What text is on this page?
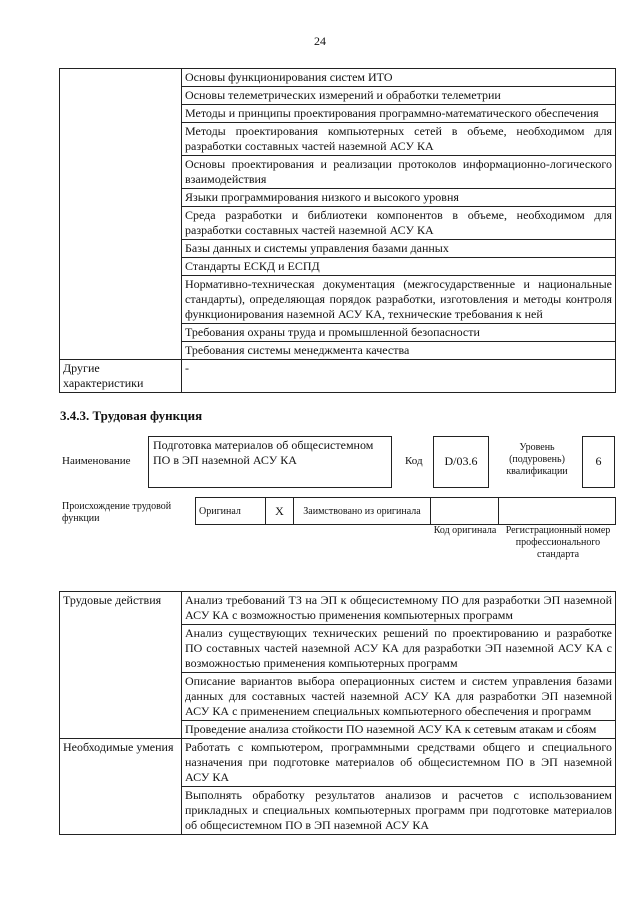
24
	Основы функционирования систем ИТО
	Основы телеметрических измерений и обработки телеметрии
	Методы и принципы проектирования программно-математического обеспечения
	Методы проектирования компьютерных сетей в объеме, необходимом для разработки составных частей наземной АСУ КА
	Основы проектирования и реализации протоколов информационно-логического взаимодействия
	Языки программирования низкого и высокого уровня
	Среда разработки и библиотеки компонентов в объеме, необходимом для разработки составных частей наземной АСУ КА
	Базы данных и системы управления базами данных
	Стандарты ЕСКД и ЕСПД
	Нормативно-техническая документация (межгосударственные и национальные стандарты), определяющая порядок разработки, изготовления и методы контроля функционирования наземной АСУ КА, технические требования к ней
	Требования охраны труда и промышленной безопасности
	Требования системы менеджмента качества
Другие характеристики	-
3.4.3. Трудовая функция
Наименование
Подготовка материалов об общесистемном ПО в ЭП наземной АСУ КА	Код	D/03.6
Уровень (подуровень) квалификации
6
Происхождение трудовой функции
Оригинал	X	Заимствовано из оригинала		
Код оригинала Регистрационный номер профессионального стандарта
Трудовые действия	Анализ требований ТЗ на ЭП к общесистемному ПО для разработки ЭП наземной АСУ КА с возможностью применения компьютерных программ
	Анализ существующих технических решений по проектированию и разработке ПО составных частей наземной АСУ КА для разработки ЭП наземной АСУ КА с возможностью применения компьютерных программ
	Описание вариантов выбора операционных систем и систем управления базами данных для составных частей наземной АСУ КА для разработки ЭП наземной АСУ КА с применением специальных компьютерного обеспечения и программ
	Проведение анализа стойкости ПО наземной АСУ КА к сетевым атакам и сбоям
Необходимые умения	Работать с компьютером, программными средствами общего и специального назначения при подготовке материалов об общесистемном ПО в ЭП наземной АСУ КА
	Выполнять обработку результатов анализов и расчетов с использованием прикладных и специальных компьютерных программ при подготовке материалов об общесистемном ПО в ЭП наземной АСУ КА
